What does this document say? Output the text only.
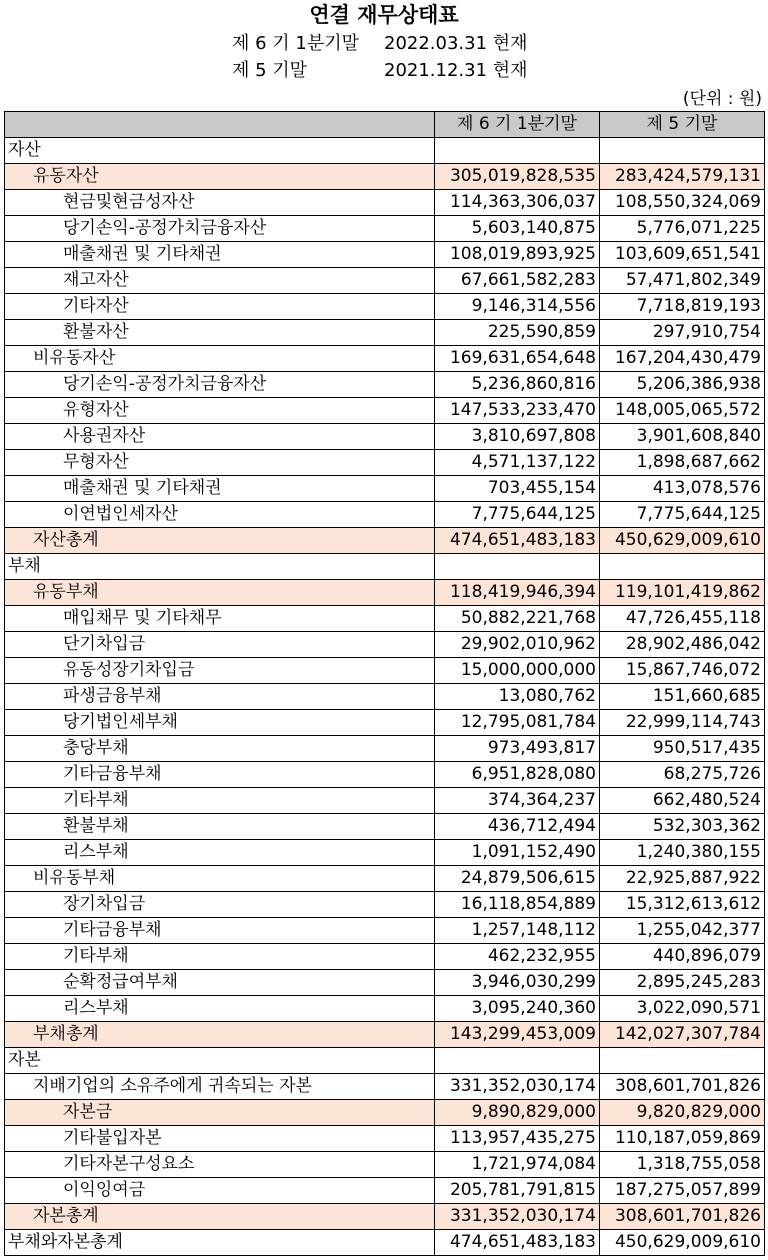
연결 재무상태표
제 6 기 1분기말 2022.03.31 현재
제 5 기말	2021.12.31 현재
(단위 : 원)
	제 6 기 1분기말	제 5 기말
자산		
유동자산	305,019,828,535	283,424,579,131
현금및현금성자산	114,363,306,037	108,550,324,069
당기손익-공정가치금융자산	5,603,140,875	5,776,071,225
매출채권 및 기타채권	108,019,893,925	103,609,651,541
재고자산	67,661,582,283	57,471,802,349
기타자산	9,146,314,556	7,718,819,193
환불자산	225,590,859	297,910,754
비유동자산	169,631,654,648	167,204,430,479
당기손익-공정가치금융자산	5,236,860,816	5,206,386,938
유형자산	147,533,233,470	148,005,065,572
사용권자산	3,810,697,808	3,901,608,840
무형자산	4,571,137,122	1,898,687,662
매출채권 및 기타채권	703,455,154	413,078,576
이연법인세자산	7,775,644,125	7,775,644,125
자산총계	474,651,483,183	450,629,009,610
부채		
유동부채	118,419,946,394	119,101,419,862
매입채무 및 기타채무	50,882,221,768	47,726,455,118
단기차입금	29,902,010,962	28,902,486,042
유동성장기차입금	15,000,000,000	15,867,746,072
파생금융부채	13,080,762	151,660,685
당기법인세부채	12,795,081,784	22,999,114,743
충당부채	973,493,817	950,517,435
기타금융부채	6,951,828,080	68,275,726
기타부채	374,364,237	662,480,524
환불부채	436,712,494	532,303,362
리스부채	1,091,152,490	1,240,380,155
비유동부채	24,879,506,615	22,925,887,922
장기차입금	16,118,854,889	15,312,613,612
기타금융부채	1,257,148,112	1,255,042,377
기타부채	462,232,955	440,896,079
순확정급여부채	3,946,030,299	2,895,245,283
리스부채	3,095,240,360	3,022,090,571
부채총계	143,299,453,009	142,027,307,784
자본		
지배기업의 소유주에게 귀속되는 자본	331,352,030,174	308,601,701,826
자본금	9,890,829,000	9,820,829,000
기타불입자본	113,957,435,275	110,187,059,869
기타자본구성요소	1,721,974,084	1,318,755,058
이익잉여금	205,781,791,815	187,275,057,899
자본총계	331,352,030,174	308,601,701,826
부채와자본총계	474,651,483,183	450,629,009,610
